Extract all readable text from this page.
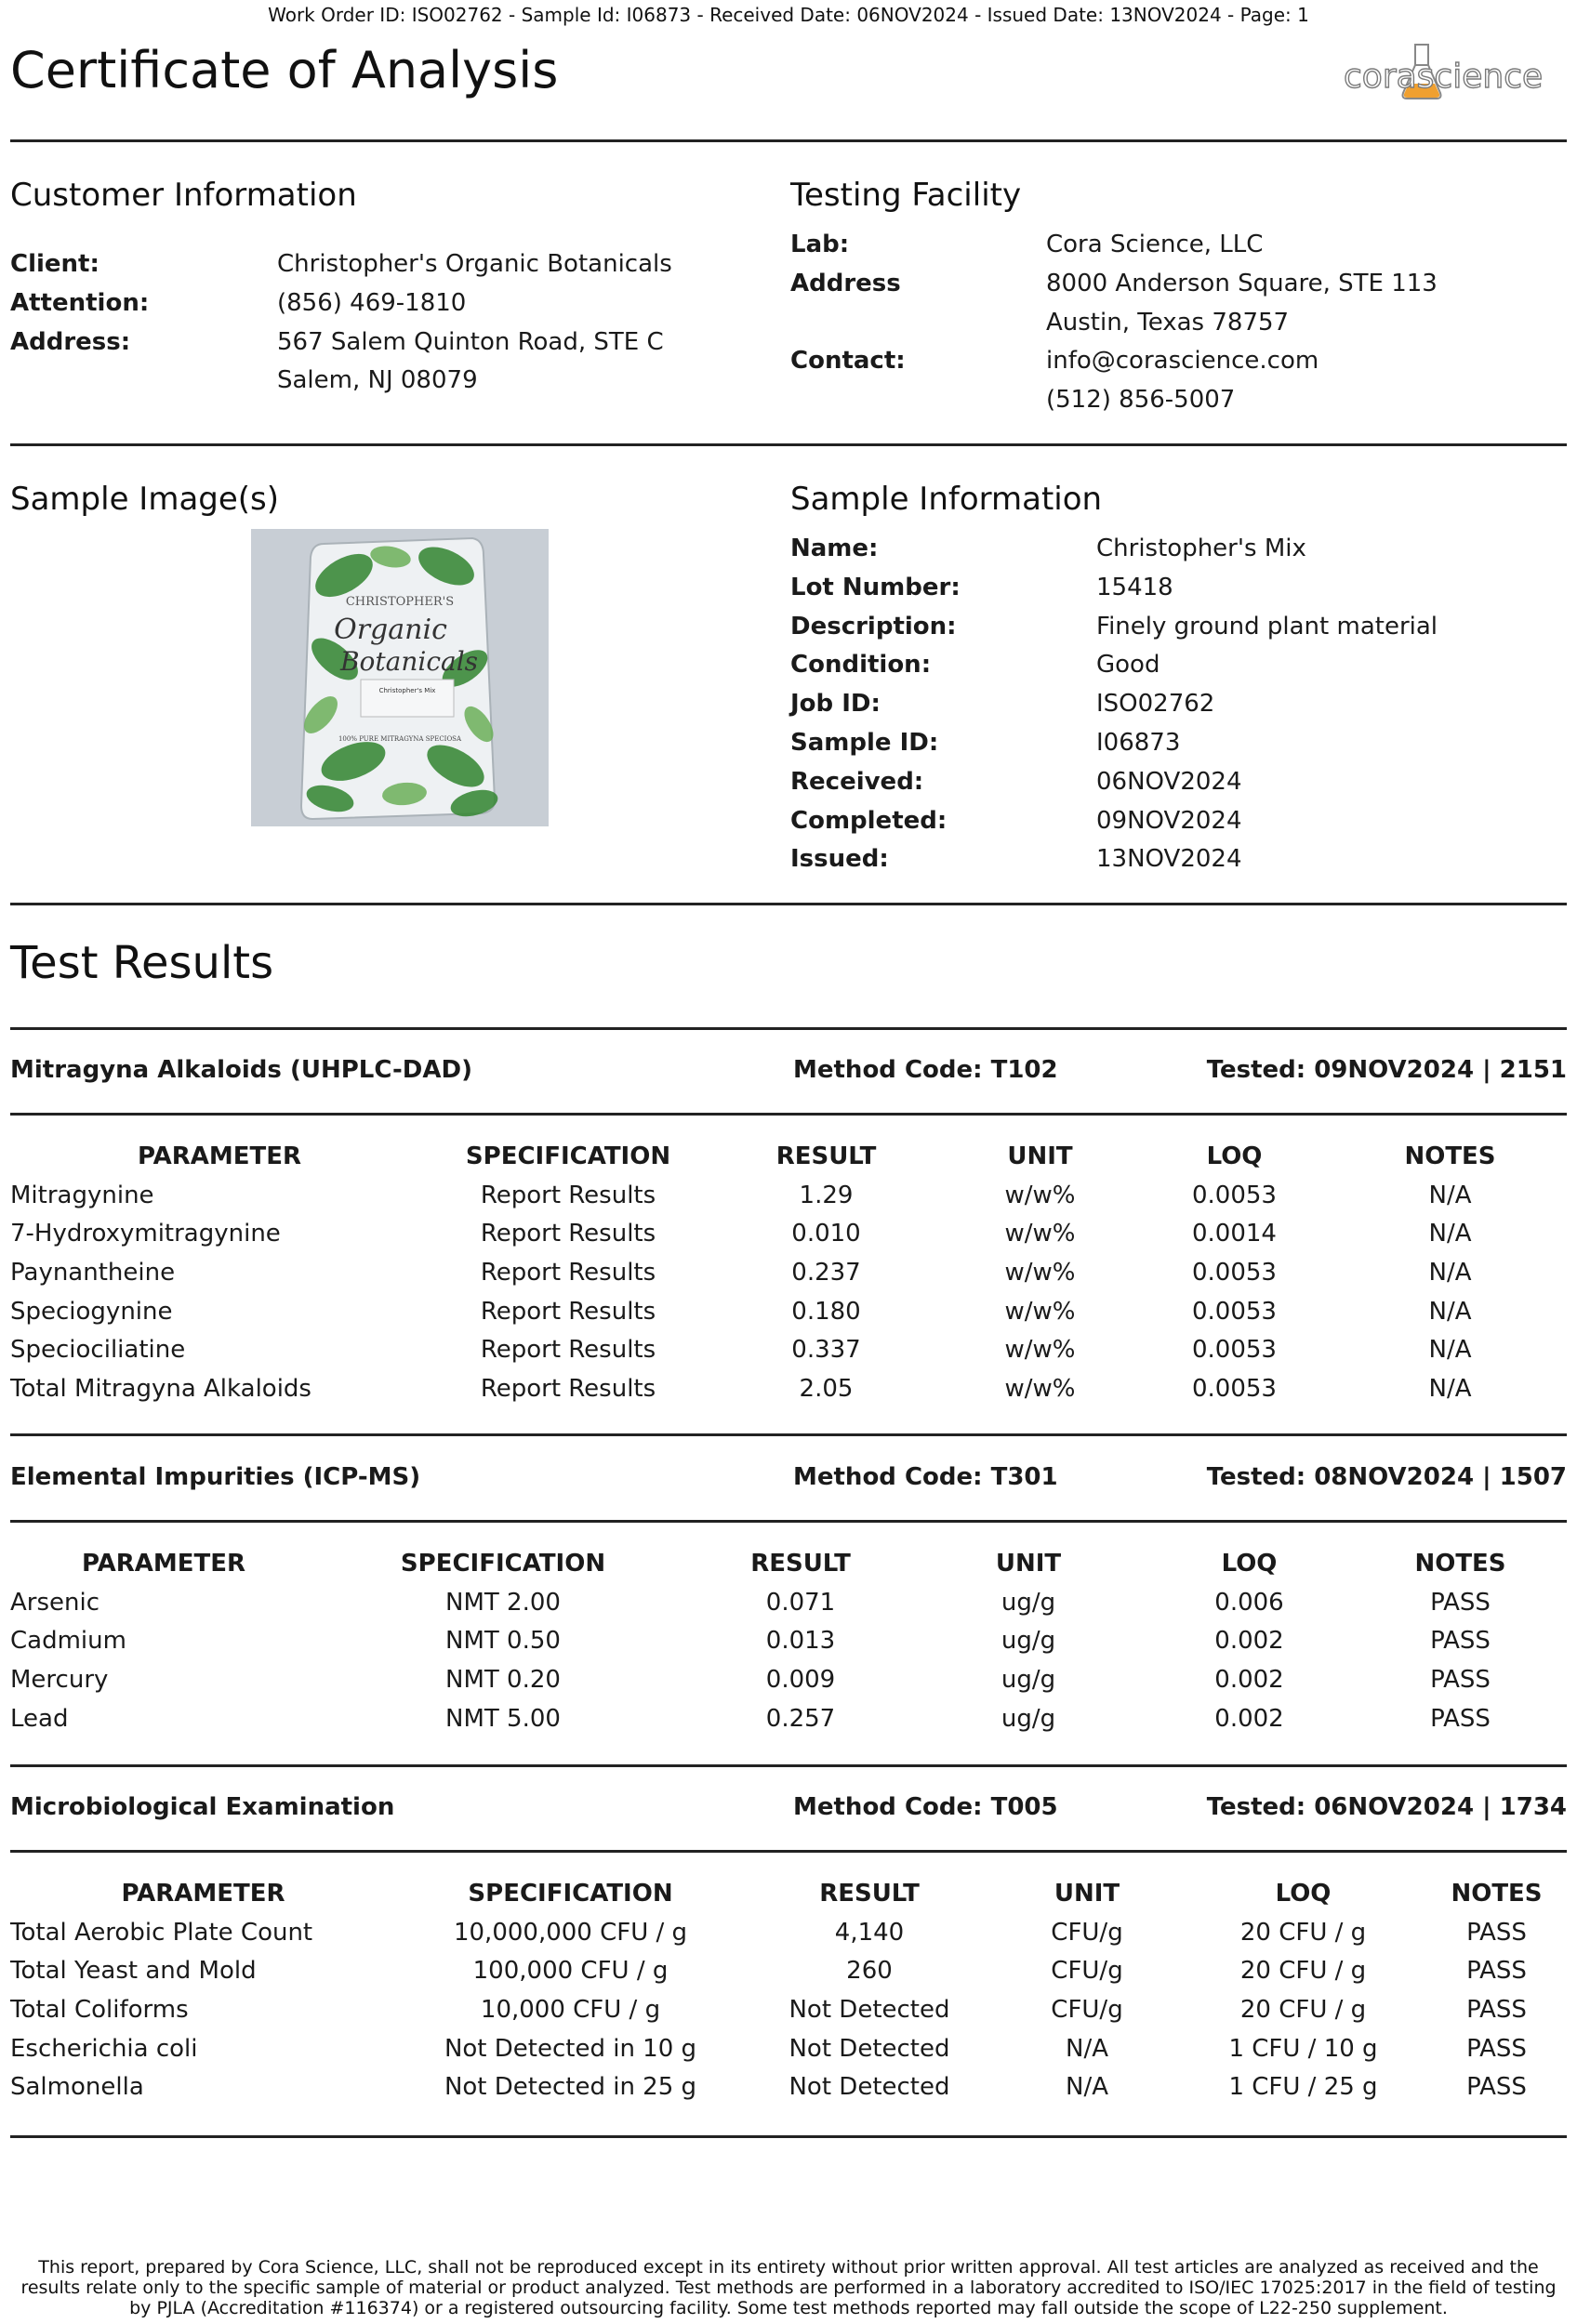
Work Order ID: ISO02762 - Sample Id: I06873 - Received Date: 06NOV2024 - Issued Date: 13NOV2024 - Page: 1
Certificate of Analysis	corascience
Customer Information
Client:	Christopher's Organic Botanicals
Attention:	(856) 469-1810
Address:	567 Salem Quinton Road, STE C
Salem, NJ 08079
Testing Facility
Lab:	Cora Science, LLC
Address	8000 Anderson Square, STE 113
Austin, Texas 78757
Contact:	info@corascience.com
(512) 856-5007
Sample Image(s)
CHRISTOPHER'S
Organic
Botanicals
Christopher's Mix
100% PURE MITRAGYNA SPECIOSA
Sample Information
Name:	Christopher's Mix
Lot Number:	15418
Description:	Finely ground plant material
Condition:	Good
Job ID:	ISO02762
Sample ID:	I06873
Received:	06NOV2024
Completed:	09NOV2024
Issued:	13NOV2024
Test Results
Mitragyna Alkaloids (UHPLC-DAD)	Method Code: T102	Tested: 09NOV2024 | 2151
PARAMETER	SPECIFICATION	RESULT	UNIT	LOQ	NOTES
Mitragynine	Report Results	1.29	w/w%	0.0053	N/A
7-Hydroxymitragynine	Report Results	0.010	w/w%	0.0014	N/A
Paynantheine	Report Results	0.237	w/w%	0.0053	N/A
Speciogynine	Report Results	0.180	w/w%	0.0053	N/A
Speciociliatine	Report Results	0.337	w/w%	0.0053	N/A
Total Mitragyna Alkaloids	Report Results	2.05	w/w%	0.0053	N/A
Elemental Impurities (ICP-MS)	Method Code: T301	Tested: 08NOV2024 | 1507
PARAMETER	SPECIFICATION	RESULT	UNIT	LOQ	NOTES
Arsenic	NMT 2.00	0.071	ug/g	0.006	PASS
Cadmium	NMT 0.50	0.013	ug/g	0.002	PASS
Mercury	NMT 0.20	0.009	ug/g	0.002	PASS
Lead	NMT 5.00	0.257	ug/g	0.002	PASS
Microbiological Examination	Method Code: T005	Tested: 06NOV2024 | 1734
PARAMETER	SPECIFICATION	RESULT	UNIT	LOQ	NOTES
Total Aerobic Plate Count	10,000,000 CFU / g	4,140	CFU/g	20 CFU / g	PASS
Total Yeast and Mold	100,000 CFU / g	260	CFU/g	20 CFU / g	PASS
Total Coliforms	10,000 CFU / g	Not Detected	CFU/g	20 CFU / g	PASS
Escherichia coli	Not Detected in 10 g	Not Detected	N/A	1 CFU / 10 g	PASS
Salmonella	Not Detected in 25 g	Not Detected	N/A	1 CFU / 25 g	PASS
This report, prepared by Cora Science, LLC, shall not be reproduced except in its entirety without prior written approval. All test articles are analyzed as received and the results relate only to the specific sample of material or product analyzed. Test methods are performed in a laboratory accredited to ISO/IEC 17025:2017 in the field of testing by PJLA (Accreditation #116374) or a registered outsourcing facility. Some test methods reported may fall outside the scope of L22-250 supplement.
